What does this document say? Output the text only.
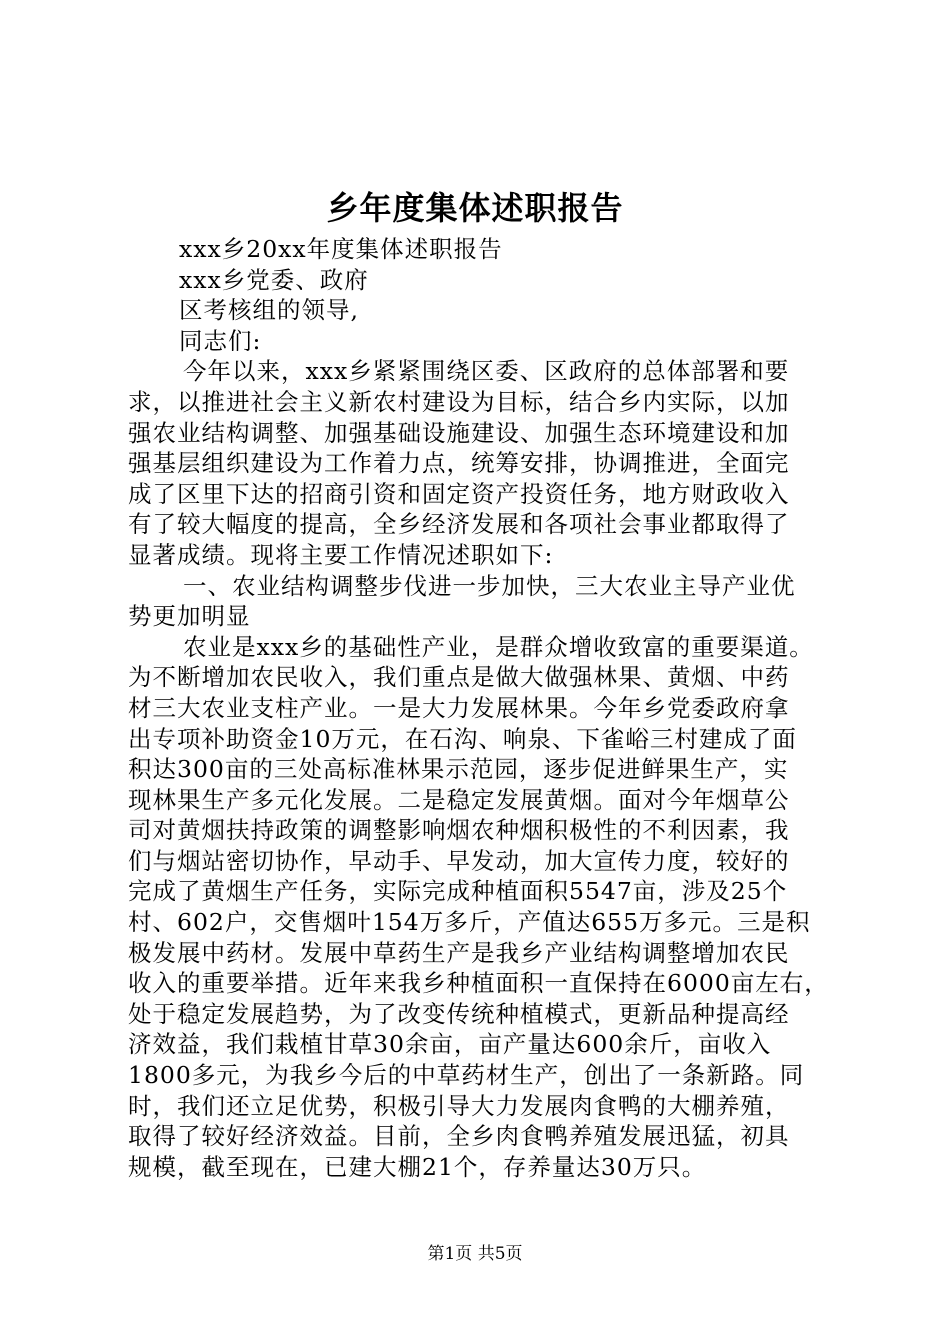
乡年度集体述职报告
xxx乡20xx年度集体述职报告
xxx乡党委、政府
区考核组的领导,
同志们:
今年以来，xxx乡紧紧围绕区委、区政府的总体部署和要
求，以推进社会主义新农村建设为目标，结合乡内实际，以加
强农业结构调整、加强基础设施建设、加强生态环境建设和加
强基层组织建设为工作着力点，统筹安排，协调推进，全面完
成了区里下达的招商引资和固定资产投资任务，地方财政收入
有了较大幅度的提高，全乡经济发展和各项社会事业都取得了
显著成绩。现将主要工作情况述职如下:
一、农业结构调整步伐进一步加快，三大农业主导产业优
势更加明显
农业是xxx乡的基础性产业，是群众增收致富的重要渠道。
为不断增加农民收入，我们重点是做大做强林果、黄烟、中药
材三大农业支柱产业。一是大力发展林果。今年乡党委政府拿
出专项补助资金10万元，在石沟、响泉、下雀峪三村建成了面
积达300亩的三处高标准林果示范园，逐步促进鲜果生产，实
现林果生产多元化发展。二是稳定发展黄烟。面对今年烟草公
司对黄烟扶持政策的调整影响烟农种烟积极性的不利因素，我
们与烟站密切协作，早动手、早发动，加大宣传力度，较好的
完成了黄烟生产任务，实际完成种植面积5547亩，涉及25个
村、602户，交售烟叶154万多斤，产值达655万多元。三是积
极发展中药材。发展中草药生产是我乡产业结构调整增加农民
收入的重要举措。近年来我乡种植面积一直保持在6000亩左右，
处于稳定发展趋势，为了改变传统种植模式，更新品种提高经
济效益，我们栽植甘草30余亩，亩产量达600余斤，亩收入
1800多元，为我乡今后的中草药材生产，创出了一条新路。同
时，我们还立足优势，积极引导大力发展肉食鸭的大棚养殖，
取得了较好经济效益。目前，全乡肉食鸭养殖发展迅猛，初具
规模，截至现在，已建大棚21个，存养量达30万只。
第1页 共5页
